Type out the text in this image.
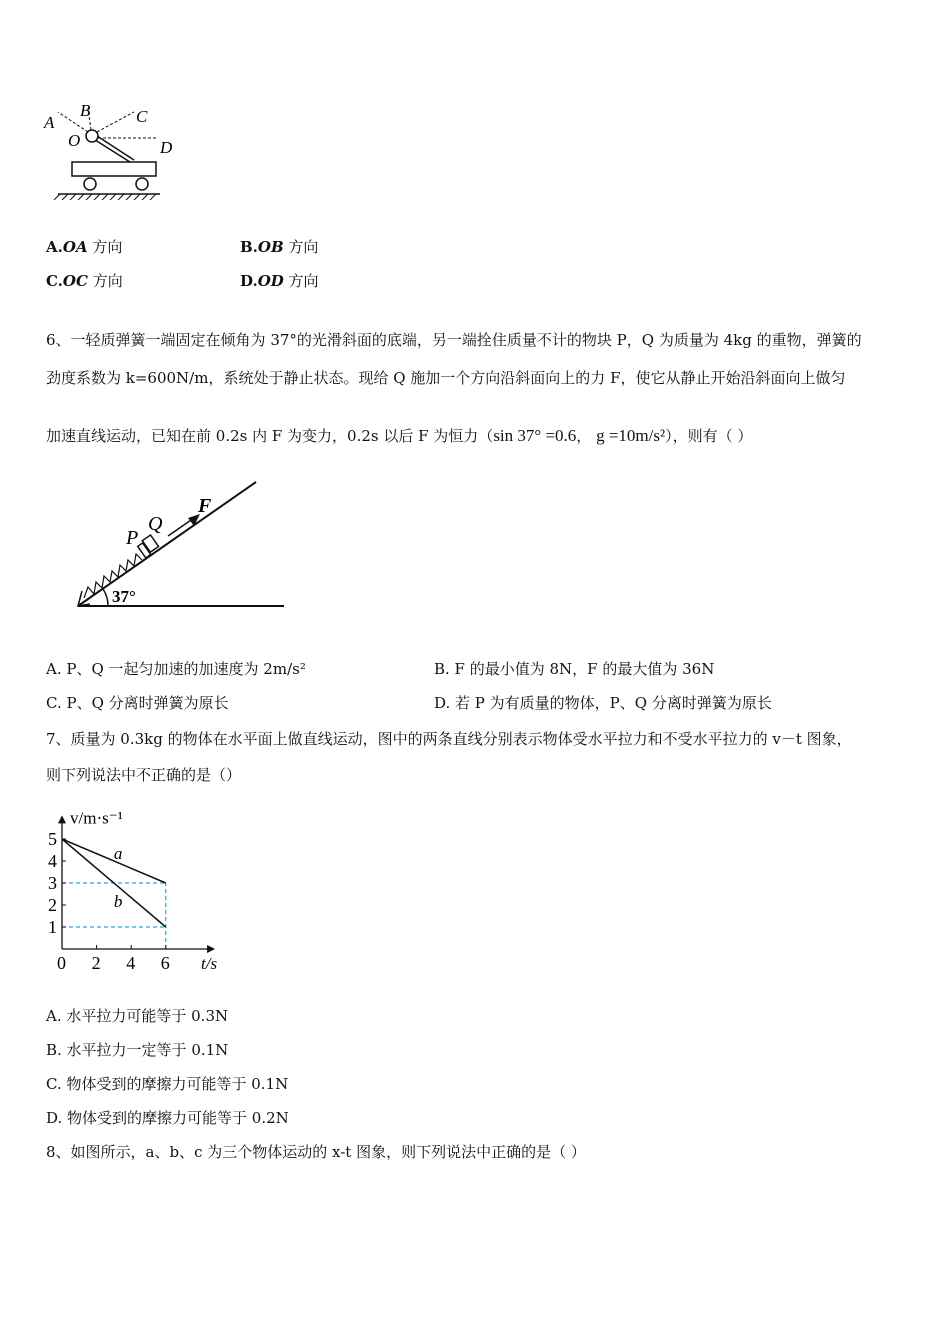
A
B	C
O	D
A.OA 方向	B.OB 方向
C.OC 方向	D.OD 方向
6、一轻质弹簧一端固定在倾角为 37°的光滑斜面的底端，另一端拴住质量不计的物块 P，Q 为质量为 4kg 的重物，弹簧的
劲度系数为 k=600N/m，系统处于静止状态。现给 Q 施加一个方向沿斜面向上的力 F，使它从静止开始沿斜面向上做匀
加速直线运动，已知在前 0.2s 内 F 为变力，0.2s 以后 F 为恒力（sin 37° =0.6， g =10m/s²），则有（ ）
P
Q
F
37°
A. P、Q 一起匀加速的加速度为 2m/s²	B. F 的最小值为 8N，F 的最大值为 36N
C. P、Q 分离时弹簧为原长	D. 若 P 为有质量的物体，P、Q 分离时弹簧为原长
7、质量为 0.3kg 的物体在水平面上做直线运动，图中的两条直线分别表示物体受水平拉力和不受水平拉力的 v－t 图象，
则下列说法中不正确的是（）
a
b
1
2
3
4
5
0 2 4 6
v/m·s⁻¹
t/s
A. 水平拉力可能等于 0.3N
B. 水平拉力一定等于 0.1N
C. 物体受到的摩擦力可能等于 0.1N
D. 物体受到的摩擦力可能等于 0.2N
8、如图所示，a、b、c 为三个物体运动的 x-t 图象，则下列说法中正确的是（ ）
